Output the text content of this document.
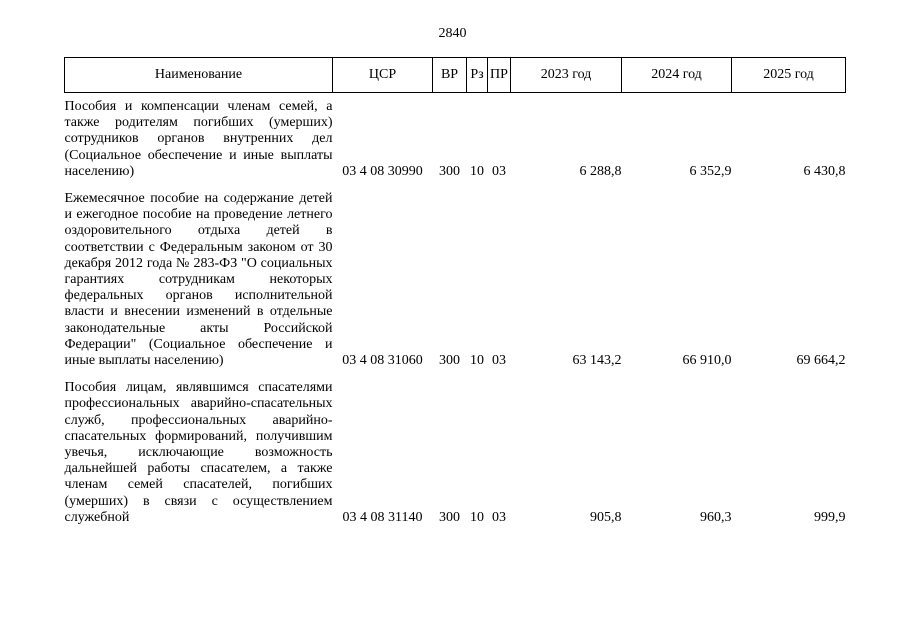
2840
Наименование	ЦСР	ВР	Рз	ПР	2023 год	2024 год	2025 год
Пособия и компенсации членам семей, а также родителям погибших (умерших) сотрудников органов внутренних дел (Социальное обеспечение и иные выплаты населению)	03 4 08 30990	300	10	03	6 288,8	6 352,9	6 430,8
Ежемесячное пособие на содержание детей и ежегодное пособие на проведение летнего оздоровительного отдыха детей в соответствии с Федеральным законом от 30 декабря 2012 года № 283-ФЗ "О социальных гарантиях сотрудникам некоторых федеральных органов исполнительной власти и внесении изменений в отдельные законодательные акты Российской Федерации" (Социальное обеспечение и иные выплаты населению)	03 4 08 31060	300	10	03	63 143,2	66 910,0	69 664,2
Пособия лицам, являвшимся спасателями профессиональных аварийно-спасательных служб, профессиональных аварийно-спасательных формирований, получившим увечья, исключающие возможность дальнейшей работы спасателем, а также членам семей спасателей, погибших (умерших) в связи с осуществлением служебной	03 4 08 31140	300	10	03	905,8	960,3	999,9
